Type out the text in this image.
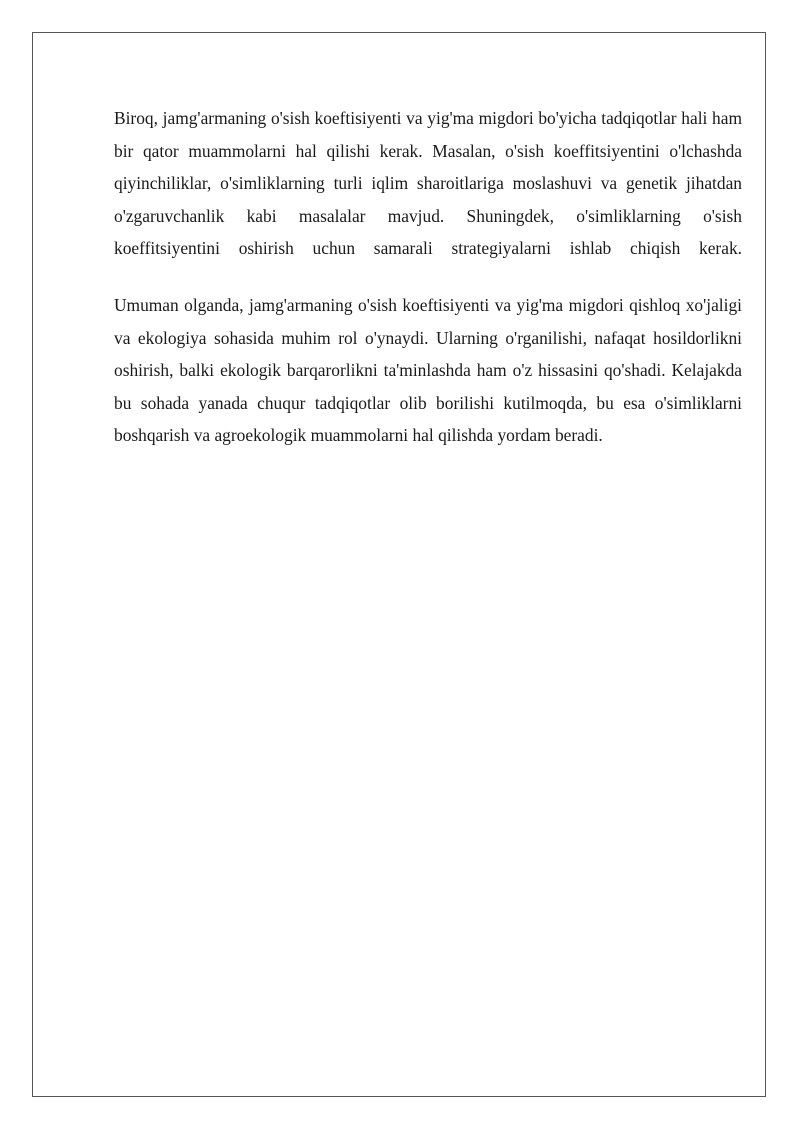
Biroq, jamg'armaning o'sish koeftisiyenti va yig'ma migdori bo'yicha tadqiqotlar hali ham bir qator muammolarni hal qilishi kerak. Masalan, o'sish koeffitsiyentini o'lchashda qiyinchiliklar, o'simliklarning turli iqlim sharoitlariga moslashuvi va genetik jihatdan o'zgaruvchanlik kabi masalalar mavjud. Shuningdek, o'simliklarning o'sish koeffitsiyentini oshirish uchun samarali strategiyalarni ishlab chiqish kerak.

Umuman olganda, jamg'armaning o'sish koeftisiyenti va yig'ma migdori qishloq xo'jaligi va ekologiya sohasida muhim rol o'ynaydi. Ularning o'rganilishi, nafaqat hosildorlikni oshirish, balki ekologik barqarorlikni ta'minlashda ham o'z hissasini qo'shadi. Kelajakda bu sohada yanada chuqur tadqiqotlar olib borilishi kutilmoqda, bu esa o'simliklarni boshqarish va agroekologik muammolarni hal qilishda yordam beradi.
